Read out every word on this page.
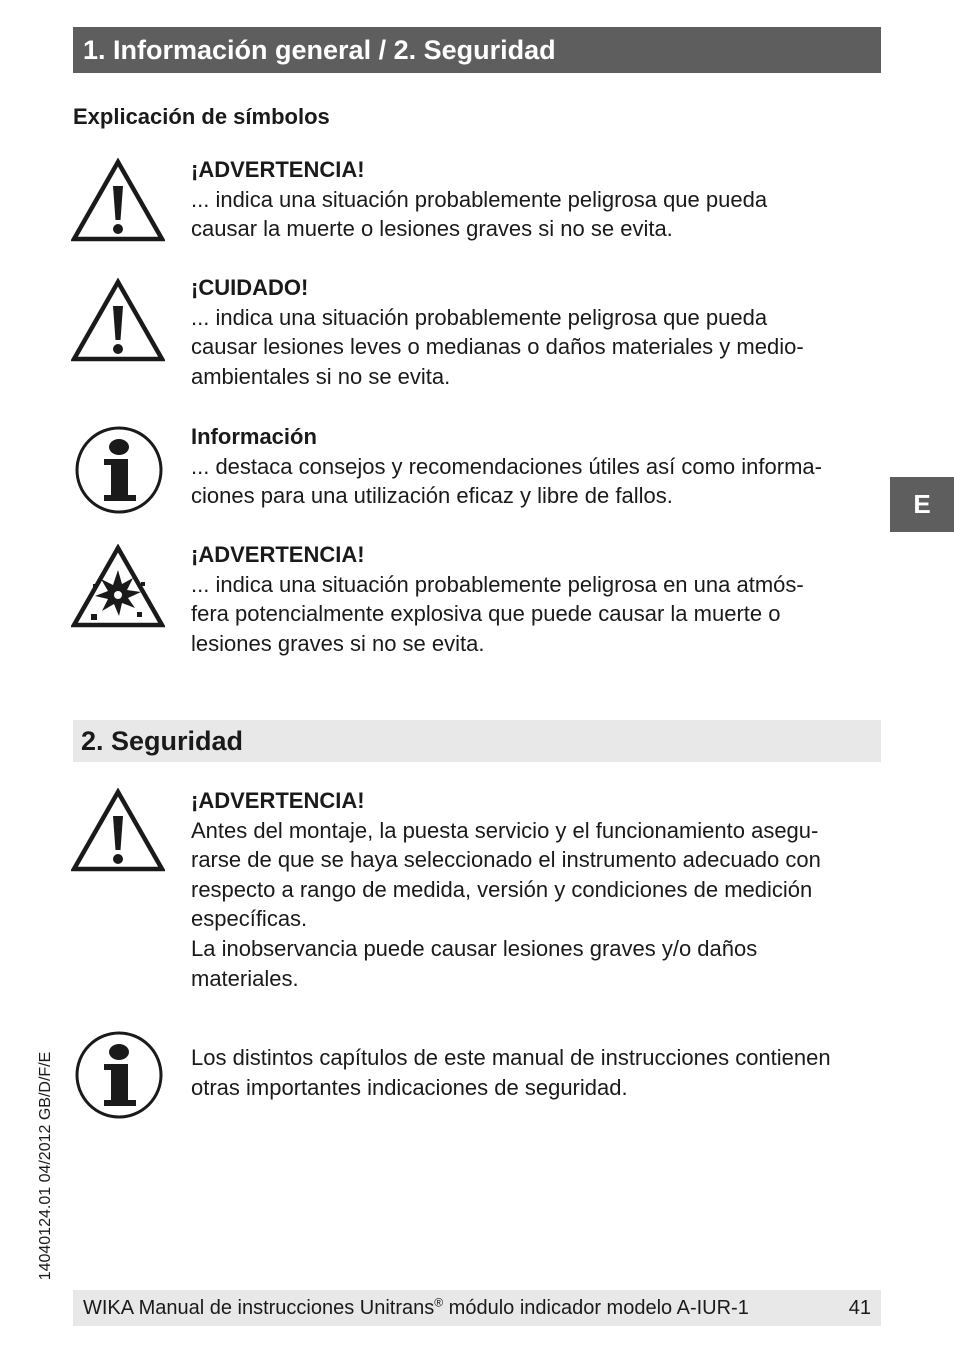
1. Información general / 2. Seguridad
Explicación de símbolos
¡ADVERTENCIA!
... indica una situación probablemente peligrosa que pueda
causar la muerte o lesiones graves si no se evita.
¡CUIDADO!
... indica una situación probablemente peligrosa que pueda
causar lesiones leves o medianas o daños materiales y medio-
ambientales si no se evita.
Información
... destaca consejos y recomendaciones útiles así como informa-
ciones para una utilización eficaz y libre de fallos.
¡ADVERTENCIA!
... indica una situación probablemente peligrosa en una atmós-
fera potencialmente explosiva que puede causar la muerte o
lesiones graves si no se evita.
E
2. Seguridad
¡ADVERTENCIA!
Antes del montaje, la puesta servicio y el funcionamiento asegu-
rarse de que se haya seleccionado el instrumento adecuado con
respecto a rango de medida, versión y condiciones de medición
específicas.
La inobservancia puede causar lesiones graves y/o daños
materiales.
Los distintos capítulos de este manual de instrucciones contienen
otras importantes indicaciones de seguridad.
14040124.01 04/2012 GB/D/F/E
WIKA Manual de instrucciones Unitrans® módulo indicador modelo A-IUR-1	41
